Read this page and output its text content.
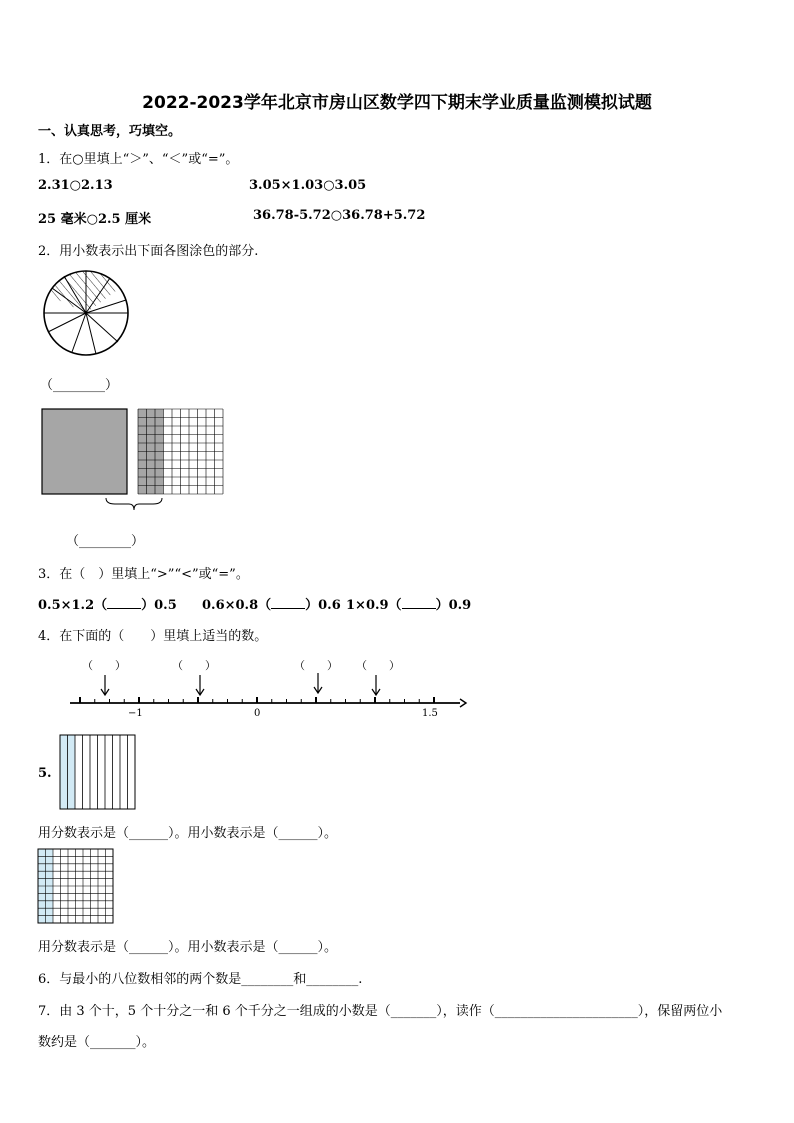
2022-2023学年北京市房山区数学四下期末学业质量监测模拟试题
一、认真思考，巧填空。
1．在○里填上“＞”、“＜”或“=”。
2.31○2.13	3.05×1.03○3.05
25 毫米○2.5 厘米	36.78-5.72○36.78+5.72
2．用小数表示出下面各图涂色的部分.
（________）
（________）
3．在（　）里填上“>”“<”或“=”。
0.5×1.2（	）0.5 0.6×0.8（	）0.6 1×0.9（	）0.9
4．在下面的（　　）里填上适当的数。
（　　）	（　　）	（　　） （　　）
−1	0	1.5
5.
用分数表示是（______）。用小数表示是（______）。
用分数表示是（______）。用小数表示是（______）。
6．与最小的八位数相邻的两个数是________和________.
7．由 3 个十，5 个十分之一和 6 个千分之一组成的小数是（_______），读作（______________________），保留两位小
数约是（_______）。
